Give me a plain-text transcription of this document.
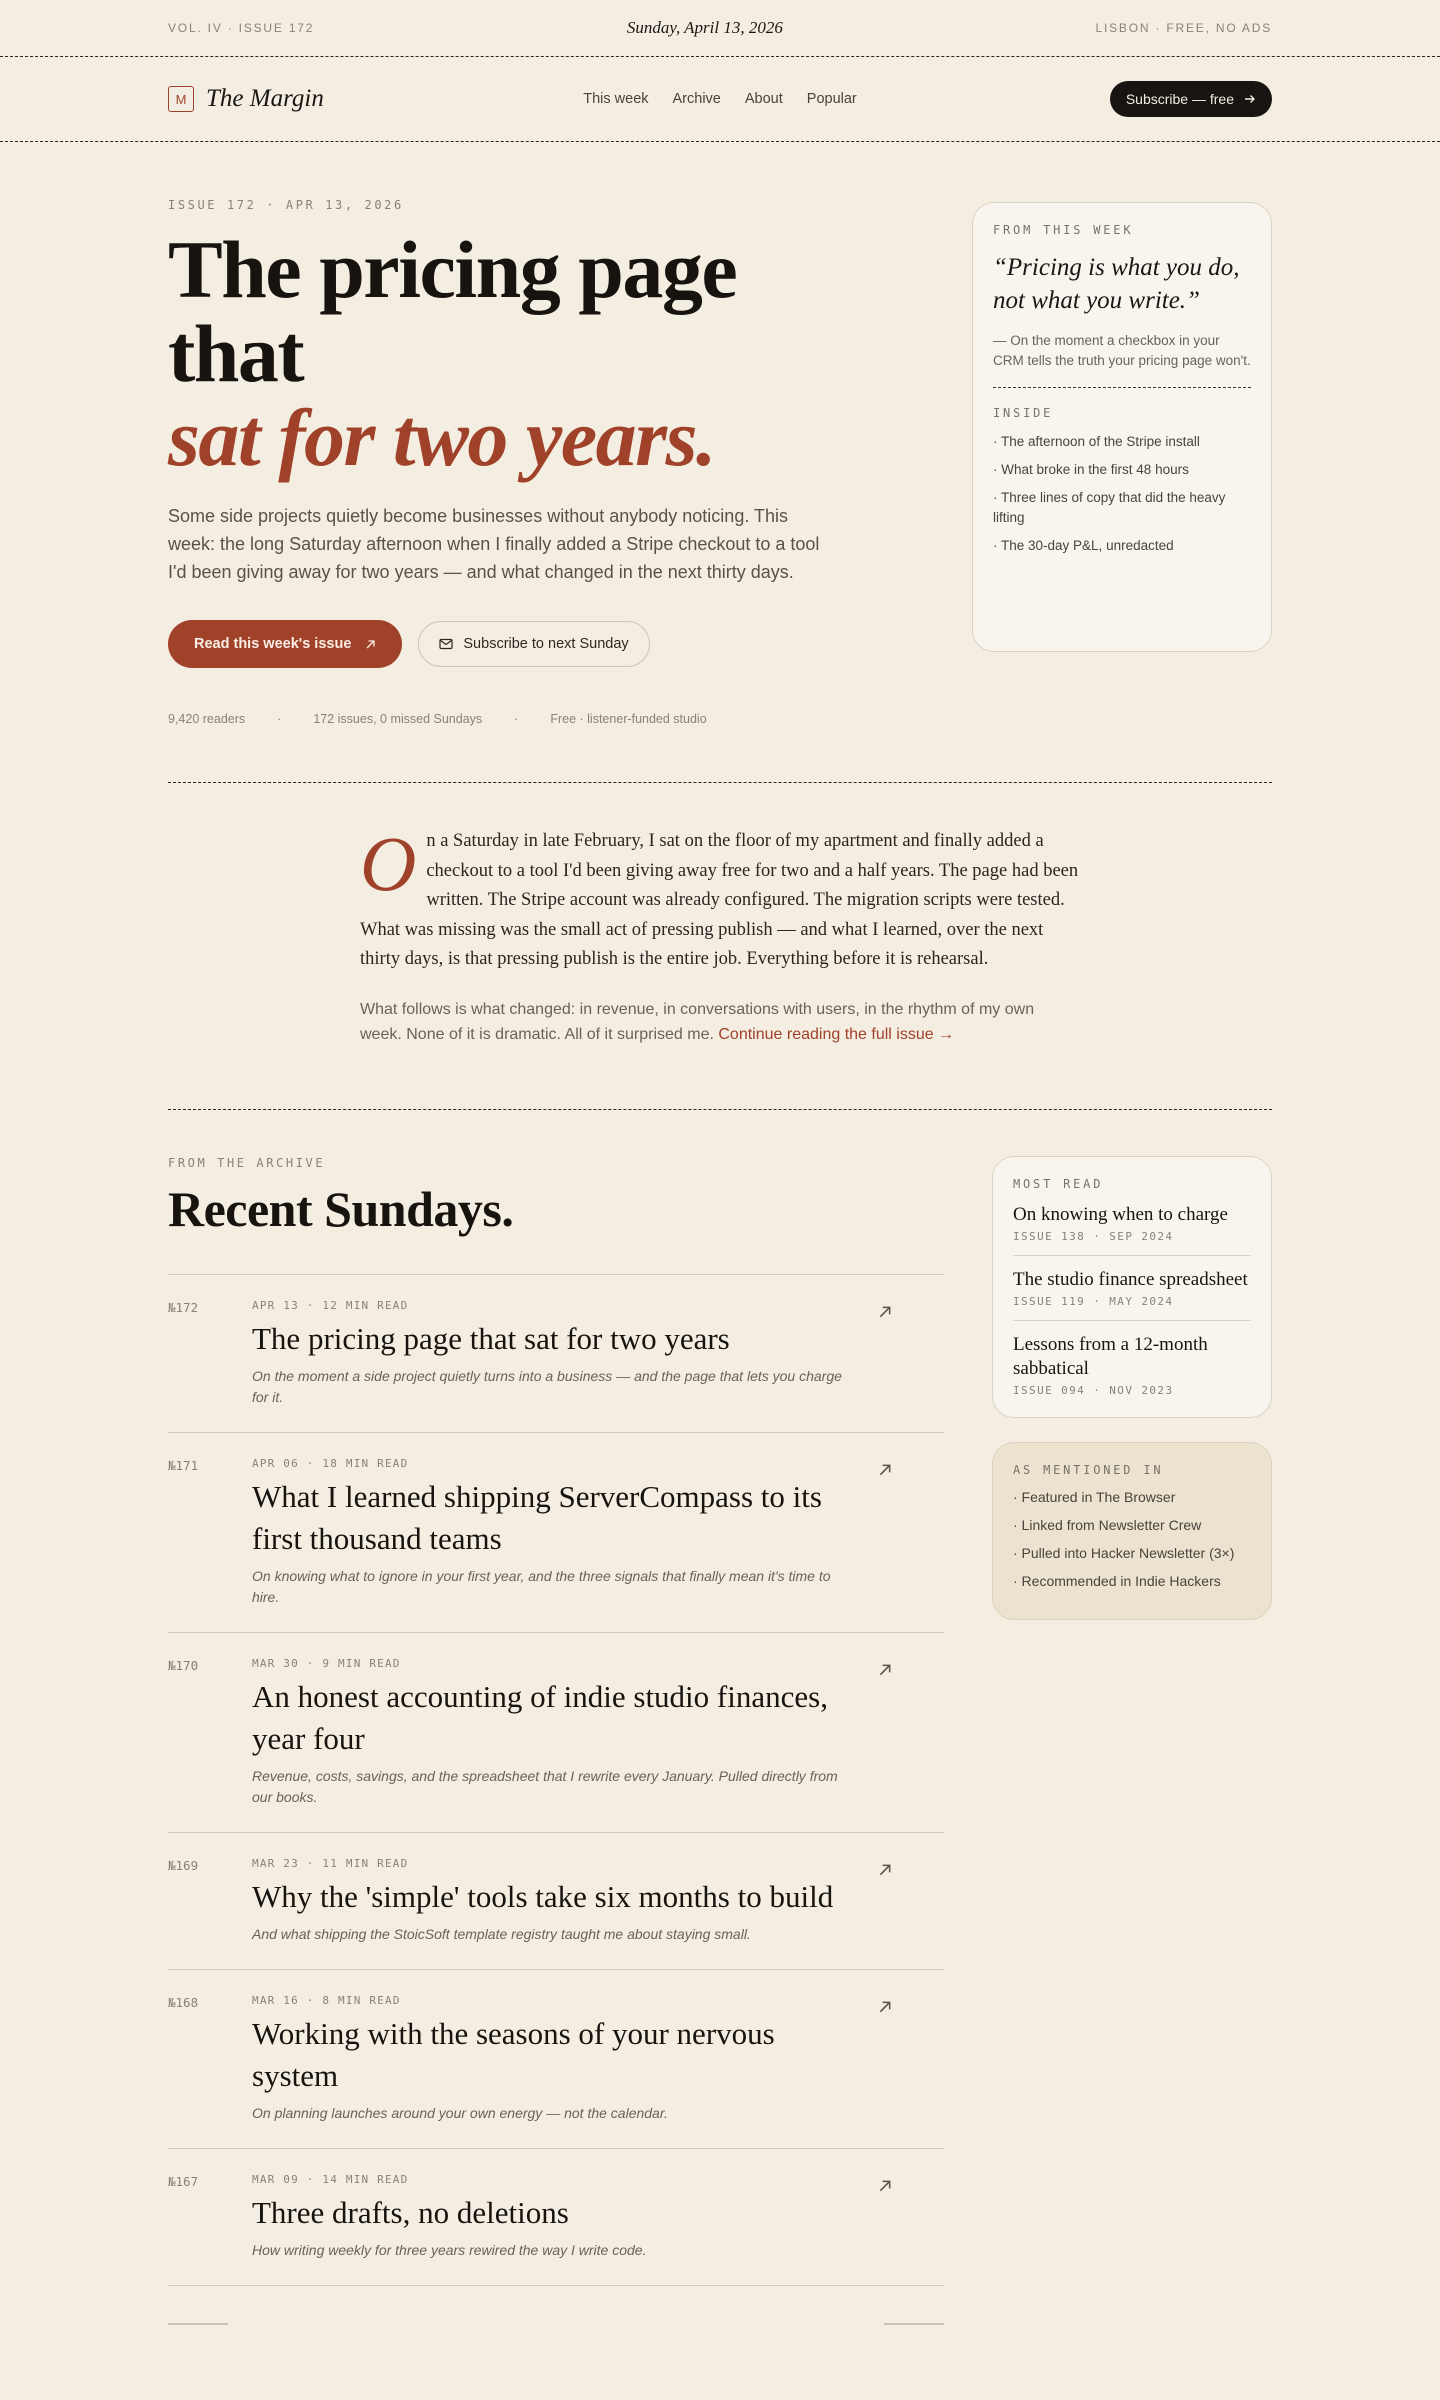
VOL. IV · ISSUE 172	Sunday, April 13, 2026	LISBON · FREE, NO ADS
M The Margin	This week Archive About Popular	Subscribe — free
ISSUE 172 · APR 13, 2026
The pricing page that
sat for two years.

Some side projects quietly become businesses without anybody noticing. This week: the long Saturday afternoon when I finally added a Stripe checkout to a tool I'd been giving away for two years — and what changed in the next thirty days.

Read this week's issue	Subscribe to next Sunday
9,420 readers	·	172 issues, 0 missed Sundays	·	Free · listener-funded studio
FROM THIS WEEK
“Pricing is what you do, not what you write.”
— On the moment a checkbox in your CRM tells the truth your pricing page won't.
INSIDE
· The afternoon of the Stripe install
· What broke in the first 48 hours
· Three lines of copy that did the heavy lifting
· The 30-day P&L, unredacted

On a Saturday in late February, I sat on the floor of my apartment and finally added a checkout to a tool I'd been giving away free for two and a half years. The page had been written. The Stripe account was already configured. The migration scripts were tested. What was missing was the small act of pressing publish — and what I learned, over the next thirty days, is that pressing publish is the entire job. Everything before it is rehearsal.

What follows is what changed: in revenue, in conversations with users, in the rhythm of my own week. None of it is dramatic. All of it surprised me. Continue reading the full issue →

FROM THE ARCHIVE
Recent Sundays.
№172	APR 13 · 12 MIN READ
The pricing page that sat for two years
On the moment a side project quietly turns into a business — and the page that lets you charge for it.
№171	APR 06 · 18 MIN READ
What I learned shipping ServerCompass to its first thousand teams
On knowing what to ignore in your first year, and the three signals that finally mean it's time to hire.
№170	MAR 30 · 9 MIN READ
An honest accounting of indie studio finances, year four
Revenue, costs, savings, and the spreadsheet that I rewrite every January. Pulled directly from our books.
№169	MAR 23 · 11 MIN READ
Why the 'simple' tools take six months to build
And what shipping the StoicSoft template registry taught me about staying small.
№168	MAR 16 · 8 MIN READ
Working with the seasons of your nervous system
On planning launches around your own energy — not the calendar.
№167	MAR 09 · 14 MIN READ
Three drafts, no deletions
How writing weekly for three years rewired the way I write code.
MOST READ
On knowing when to charge
ISSUE 138 · SEP 2024
The studio finance spreadsheet
ISSUE 119 · MAY 2024
Lessons from a 12-month sabbatical
ISSUE 094 · NOV 2023
AS MENTIONED IN
· Featured in The Browser
· Linked from Newsletter Crew
· Pulled into Hacker Newsletter (3×)
· Recommended in Indie Hackers
